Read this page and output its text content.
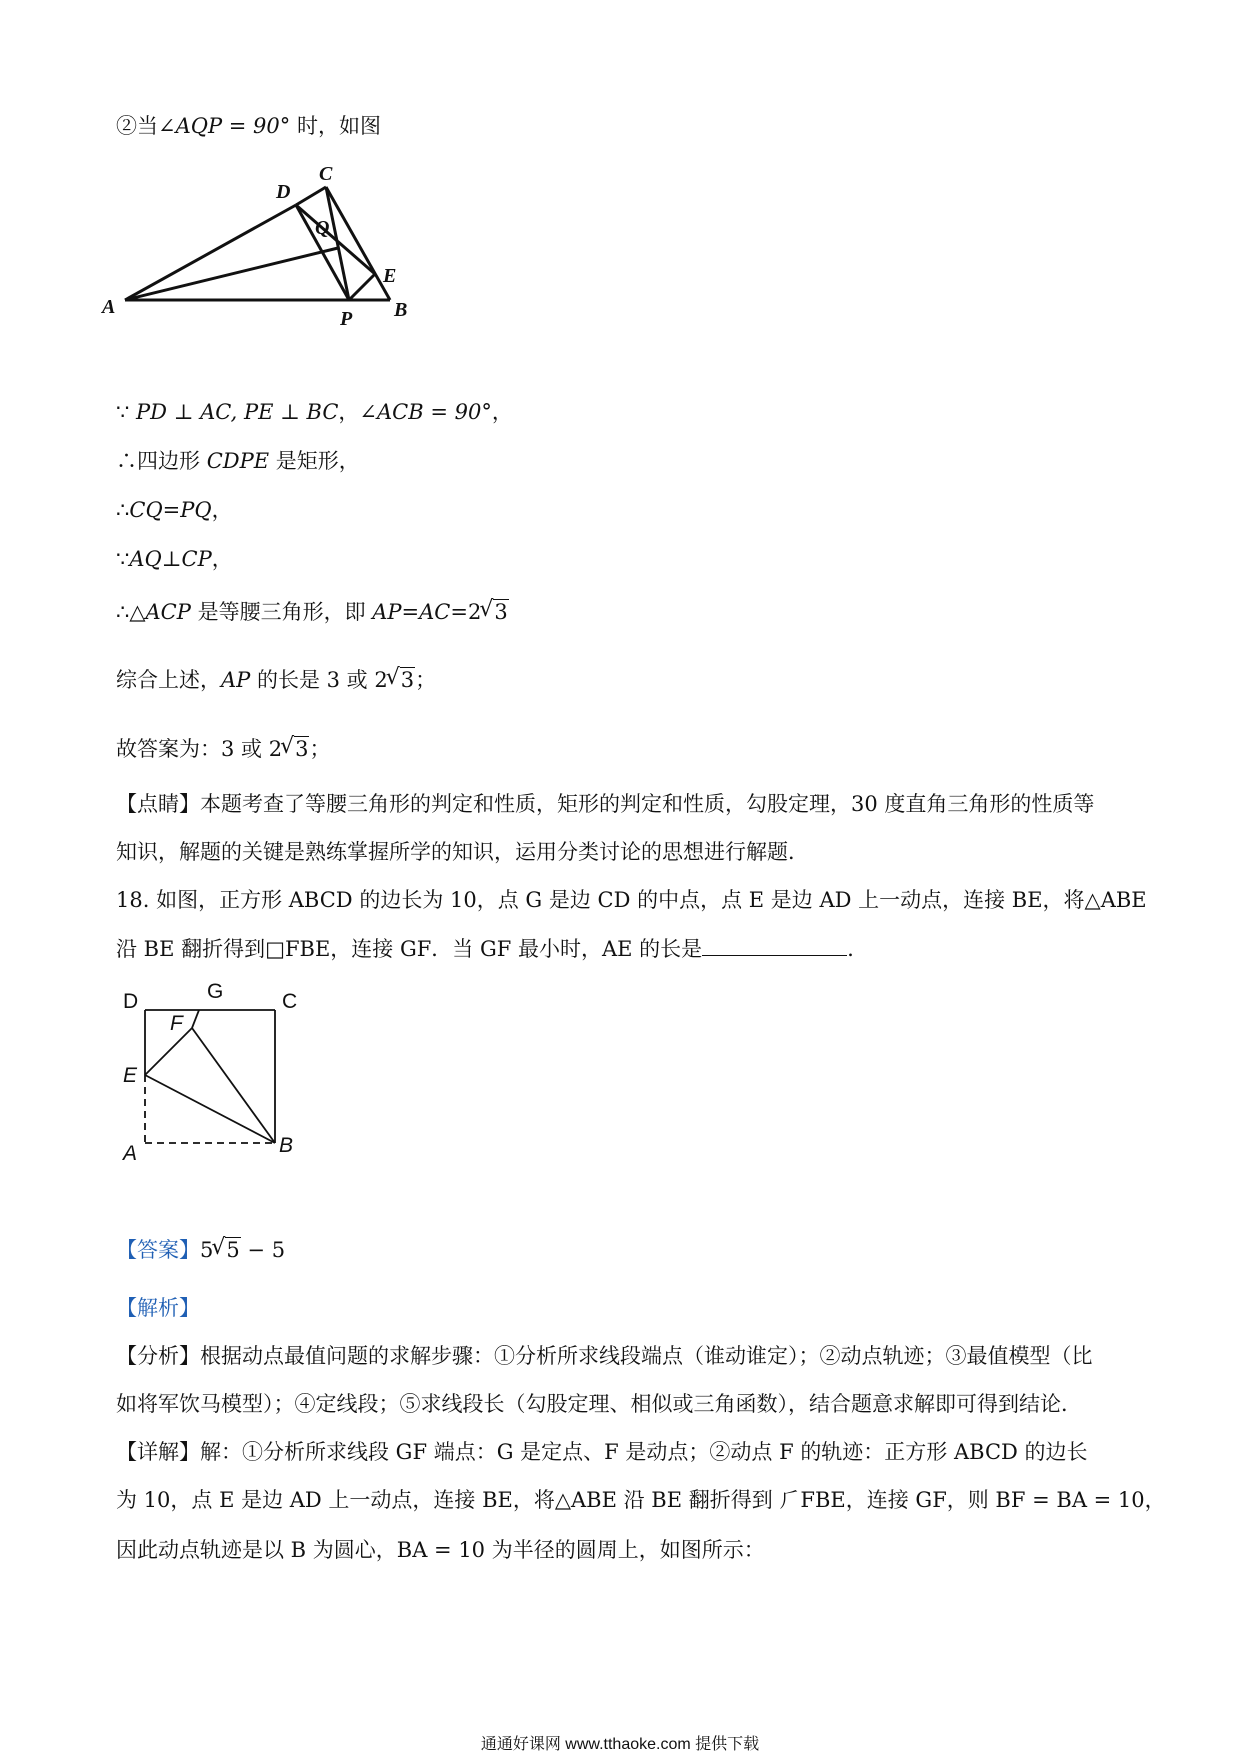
②当∠AQP = 90° 时，如图
A	B
C
D
E
P
Q
∵ PD ⊥ AC, PE ⊥ BC，∠ACB = 90°，
∴四边形 CDPE 是矩形，
∴CQ=PQ，
∵AQ⊥CP，
∴△ACP 是等腰三角形，即 AP=AC=2 √ 3
综合上述，AP 的长是 3 或 2 √ 3；
故答案为：3 或 2 √ 3；
【点睛】本题考查了等腰三角形的判定和性质，矩形的判定和性质，勾股定理，30 度直角三角形的性质等
知识，解题的关键是熟练掌握所学的知识，运用分类讨论的思想进行解题．
18. 如图，正方形 ABCD 的边长为 10，点 G 是边 CD 的中点，点 E 是边 AD 上一动点，连接 BE，将△ABE
沿 BE 翻折得到□FBE，连接 GF．当 GF 最小时，AE 的长是	．
D	C
G
F
E
A	B
【答案】5 √ 5 − 5
【解析】
【分析】根据动点最值问题的求解步骤：①分析所求线段端点（谁动谁定）；②动点轨迹；③最值模型（比
如将军饮马模型）；④定线段；⑤求线段长（勾股定理、相似或三角函数），结合题意求解即可得到结论．
【详解】解：①分析所求线段 GF 端点：G 是定点、F 是动点；②动点 F 的轨迹：正方形 ABCD 的边长
为 10，点 E 是边 AD 上一动点，连接 BE，将△ABE 沿 BE 翻折得到 ⺁FBE，连接 GF，则 BF = BA = 10，
因此动点轨迹是以 B 为圆心，BA = 10 为半径的圆周上，如图所示：
通通好课网 www.tthaoke.com 提供下载
